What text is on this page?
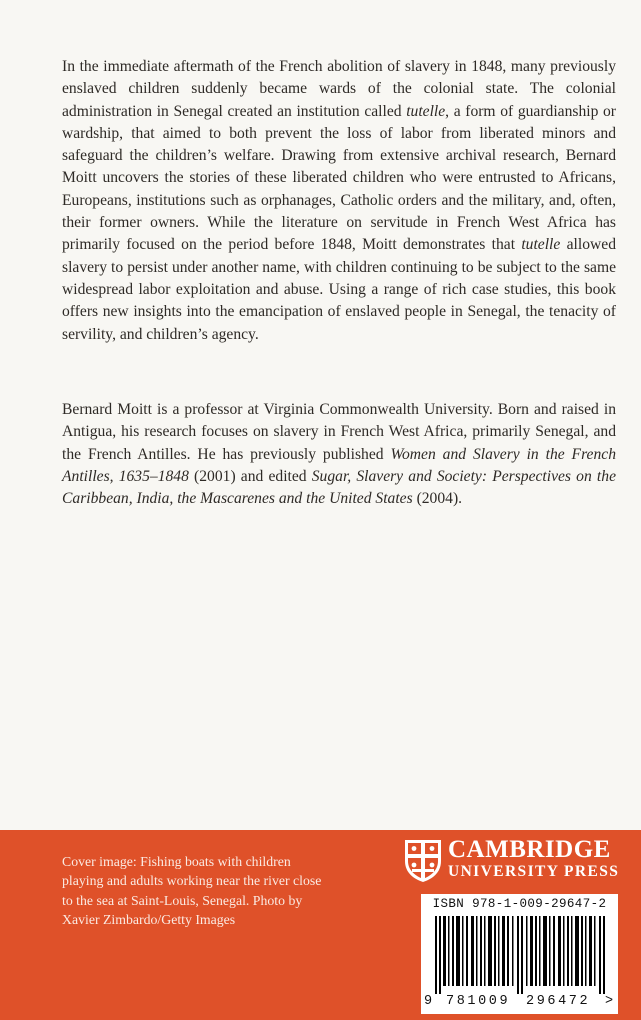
In the immediate aftermath of the French abolition of slavery in 1848, many previously enslaved children suddenly became wards of the colonial state. The colonial administration in Senegal created an institution called tutelle, a form of guardianship or wardship, that aimed to both prevent the loss of labor from liberated minors and safeguard the children’s welfare. Drawing from extensive archival research, Bernard Moitt uncovers the stories of these liberated children who were entrusted to Africans, Europeans, institutions such as orphanages, Catholic orders and the military, and, often, their former owners. While the literature on servitude in French West Africa has primarily focused on the period before 1848, Moitt demonstrates that tutelle allowed slavery to persist under another name, with children continuing to be subject to the same widespread labor exploitation and abuse. Using a range of rich case studies, this book offers new insights into the emancipation of enslaved people in Senegal, the tenacity of servility, and children’s agency.

Bernard Moitt is a professor at Virginia Commonwealth University. Born and raised in Antigua, his research focuses on slavery in French West Africa, primarily Senegal, and the French Antilles. He has previously published Women and Slavery in the French Antilles, 1635–1848 (2001) and edited Sugar, Slavery and Society: Perspectives on the Caribbean, India, the Mascarenes and the United States (2004).

Cover image: Fishing boats with children playing and adults working near the river close to the sea at Saint-Louis, Senegal. Photo by Xavier Zimbardo/Getty Images
CAMBRIDGE
UNIVERSITY PRESS
ISBN 978-1-009-29647-2
9 781009 296472 >
